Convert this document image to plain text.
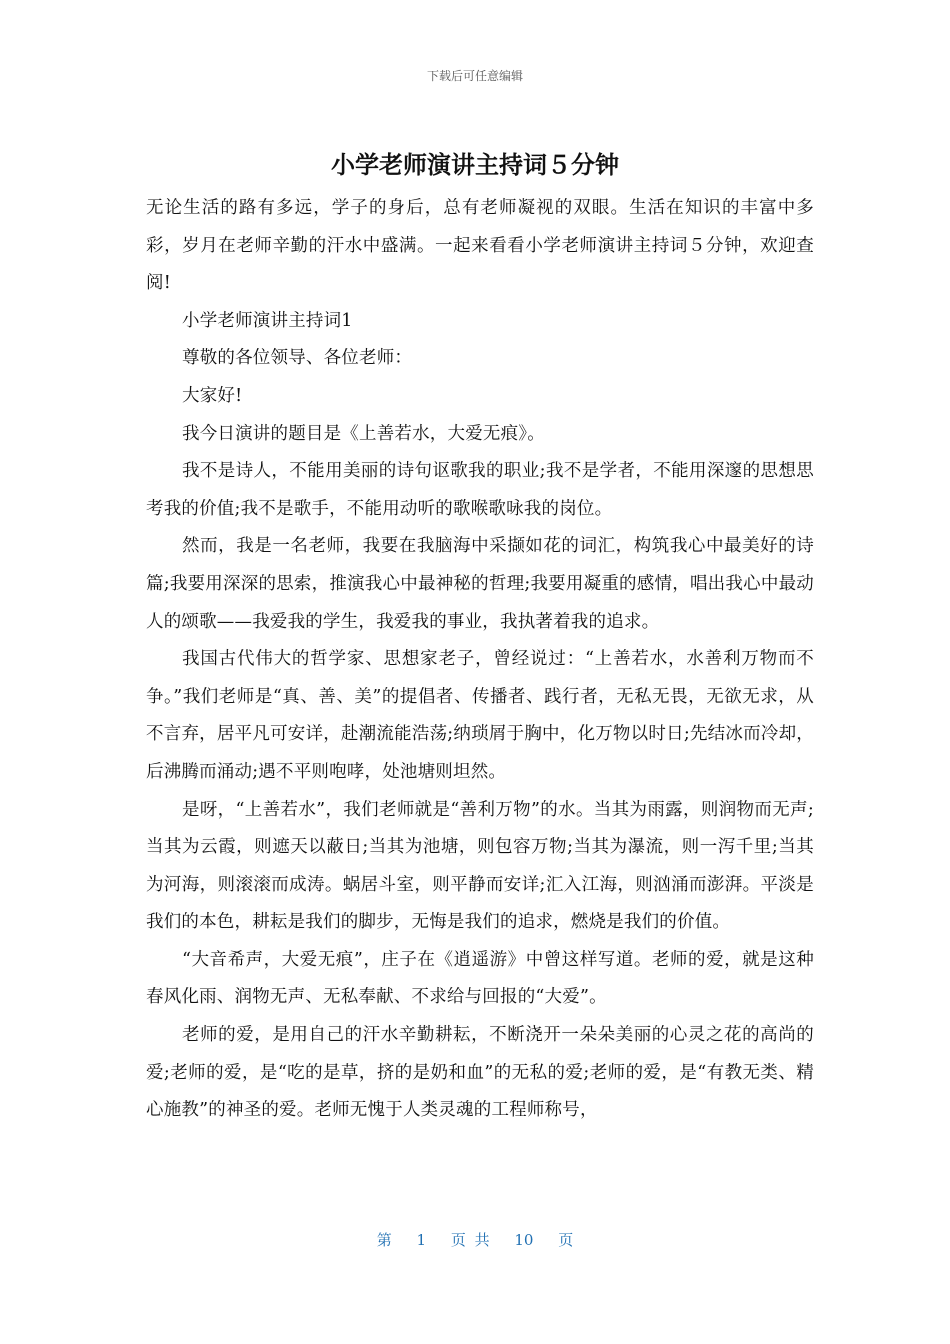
下载后可任意编辑
小学老师演讲主持词５分钟

无论生活的路有多远，学子的身后，总有老师凝视的双眼。生活在知识的丰富中多彩，岁月在老师辛勤的汗水中盛满。一起来看看小学老师演讲主持词５分钟，欢迎查阅!

小学老师演讲主持词1

尊敬的各位领导、各位老师：

大家好!

我今日演讲的题目是《上善若水，大爱无痕》。

我不是诗人，不能用美丽的诗句讴歌我的职业;我不是学者，不能用深邃的思想思考我的价值;我不是歌手，不能用动听的歌喉歌咏我的岗位。

然而，我是一名老师，我要在我脑海中采撷如花的词汇，构筑我心中最美好的诗篇;我要用深深的思索，推演我心中最神秘的哲理;我要用凝重的感情，唱出我心中最动人的颂歌——我爱我的学生，我爱我的事业，我执著着我的追求。

我国古代伟大的哲学家、思想家老子，曾经说过：“上善若水，水善利万物而不争。”我们老师是“真、善、美”的提倡者、传播者、践行者，无私无畏，无欲无求，从不言弃，居平凡可安详，赴潮流能浩荡;纳琐屑于胸中，化万物以时日;先结冰而冷却，后沸腾而涌动;遇不平则咆哮，处池塘则坦然。

是呀，“上善若水”，我们老师就是“善利万物”的水。当其为雨露，则润物而无声;当其为云霞，则遮天以蔽日;当其为池塘，则包容万物;当其为瀑流，则一泻千里;当其为河海，则滚滚而成涛。蜗居斗室，则平静而安详;汇入江海，则汹涌而澎湃。平淡是我们的本色，耕耘是我们的脚步，无悔是我们的追求，燃烧是我们的价值。

“大音希声，大爱无痕”，庄子在《逍遥游》中曾这样写道。老师的爱，就是这种春风化雨、润物无声、无私奉献、不求给与回报的“大爱”。

老师的爱，是用自己的汗水辛勤耕耘，不断浇开一朵朵美丽的心灵之花的高尚的爱;老师的爱，是“吃的是草，挤的是奶和血”的无私的爱;老师的爱，是“有教无类、精心施教”的神圣的爱。老师无愧于人类灵魂的工程师称号，

第 1 页 共 10 页
